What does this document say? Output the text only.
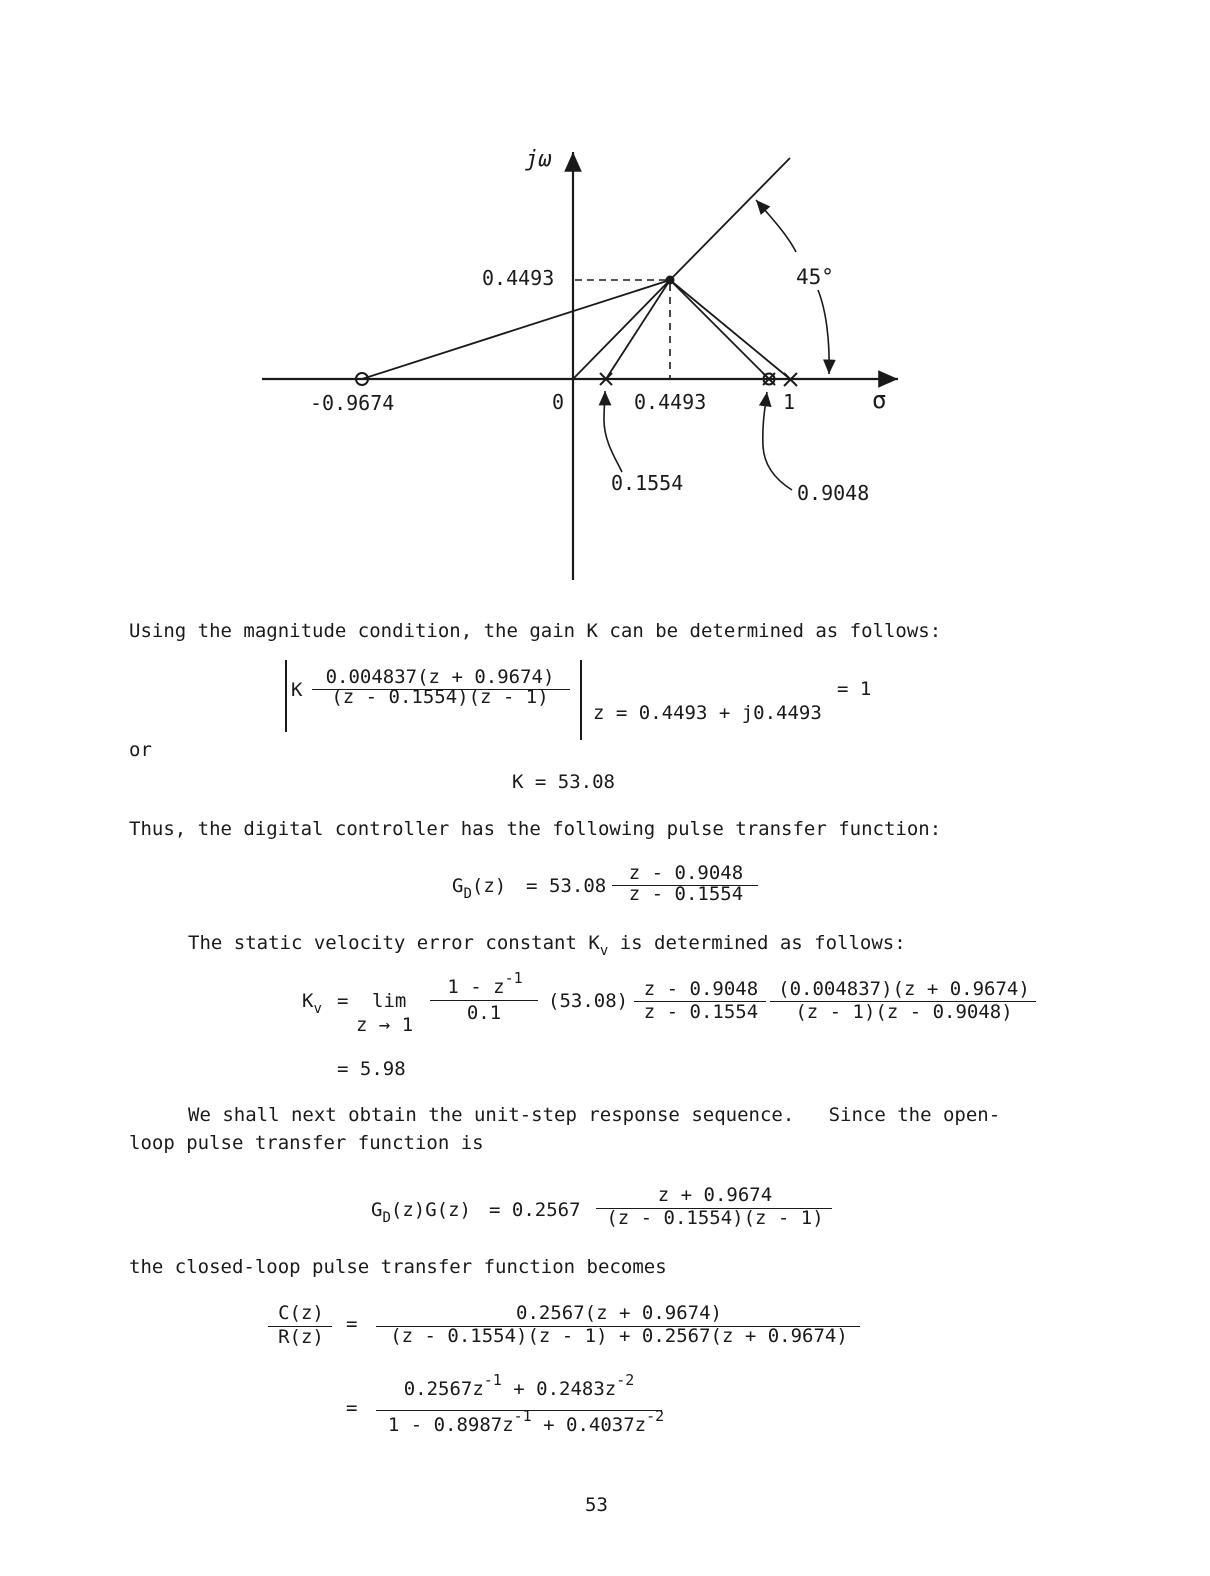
jω
σ
0.4493
-0.9674	0	0.4493	1
0.1554	0.9048
45°
Using the magnitude condition, the gain K can be determined as follows:
K
0.004837(z + 0.9674)
(z - 0.1554)(z - 1)
z = 0.4493 + j0.4493
= 1
or
K = 53.08
Thus, the digital controller has the following pulse transfer function:
$G_D(z) = 53.08$
z - 0.9048
z - 0.1554
The static velocity error constant $K_v$ is determined as follows:
$K_v = \lim$
z → 1
$1 - z^{-1}$
0.1
(53.08)
z - 0.9048
z - 0.1554
(0.004837)(z + 0.9674)
(z - 1)(z - 0.9048)
= 5.98
We shall next obtain the unit-step response sequence.   Since the open-
loop pulse transfer function is
$G_D(z)G(z) = 0.2567$
z + 0.9674
(z - 0.1554)(z - 1)
the closed-loop pulse transfer function becomes
C(z)
R(z)
=	0.2567(z + 0.9674)
(z - 0.1554)(z - 1) + 0.2567(z + 0.9674)
=
$0.2567z^{-1} + 0.2483z^{-2}$
$1 - 0.8987z^{-1} + 0.4037z^{-2}$
53
